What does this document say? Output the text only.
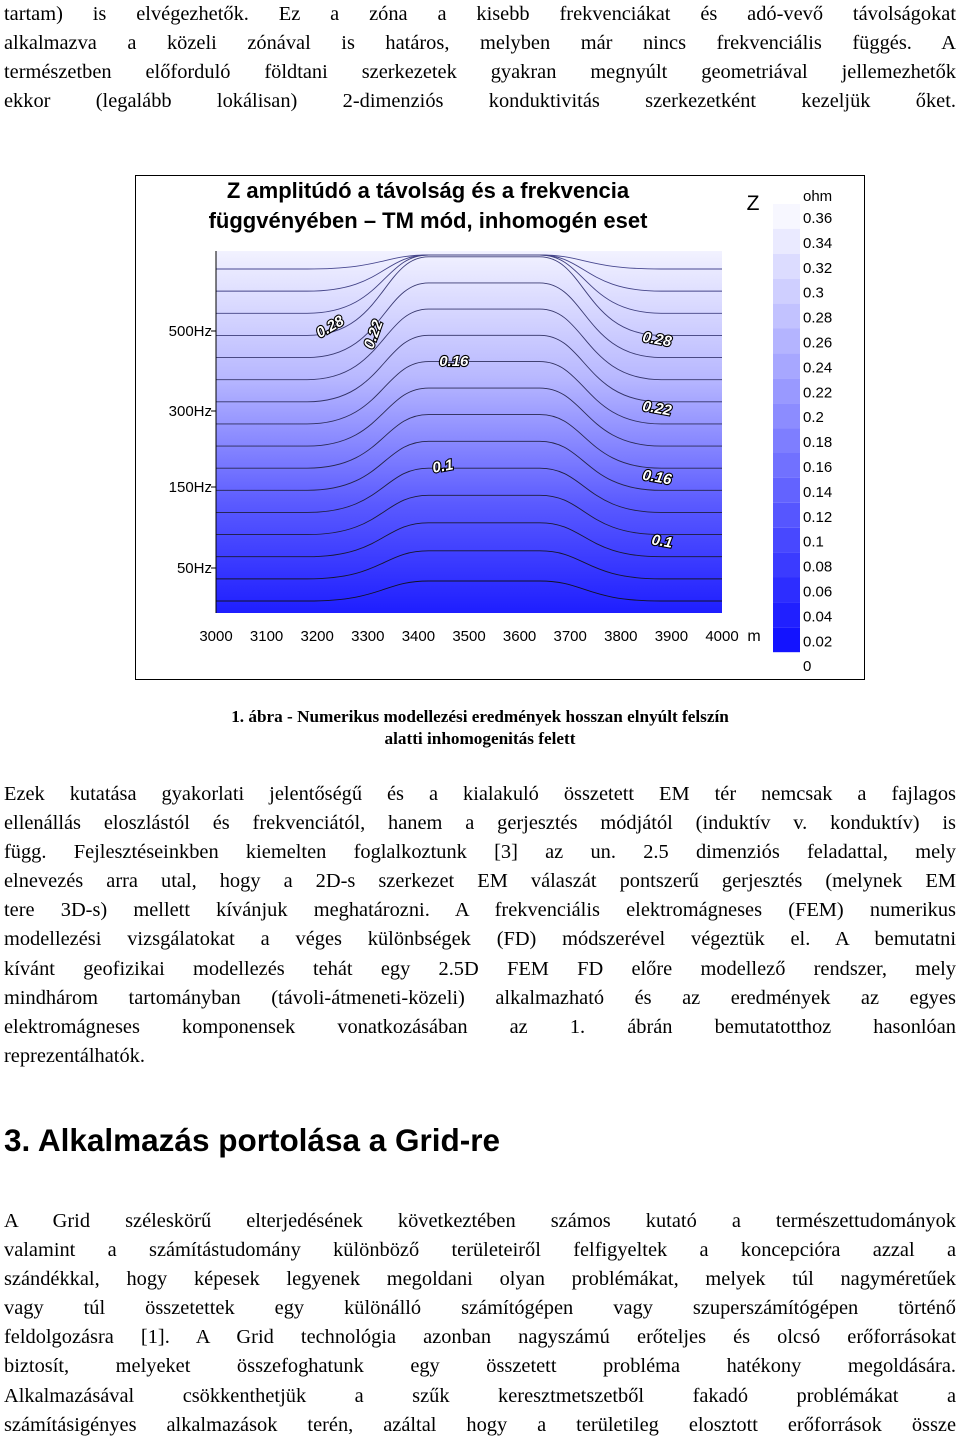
tartam) is elvégezhetők. Ez a zóna a kisebb frekvenciákat és adó-vevő távolságokat
alkalmazva a közeli zónával is határos, melyben már nincs frekvenciális függés. A
természetben előforduló földtani szerkezetek gyakran megnyúlt geometriával jellemezhetők
ekkor (legalább lokálisan) 2-dimenziós konduktivitás szerkezetként kezeljük őket.
0.28 0.22
0.16
0.28
0.22
0.1
0.16
0.1
3000 3100 3200 3300 3400 3500 3600 3700 3800 3900 4000 m
500Hz
300Hz
150Hz
50Hz
Z amplitúdó a távolság és a frekvencia
függvényében – TM mód, inhomogén eset
Z	ohm
0.36
0.34
0.32
0.3
0.28
0.26
0.24
0.22
0.2
0.18
0.16
0.14
0.12
0.1
0.08
0.06
0.04
0.02
0
1. ábra - Numerikus modellezési eredmények hosszan elnyúlt felszín
alatti inhomogenitás felett
Ezek kutatása gyakorlati jelentőségű és a kialakuló összetett EM tér nemcsak a fajlagos
ellenállás eloszlástól és frekvenciától, hanem a gerjesztés módjától (induktív v. konduktív) is
függ. Fejlesztéseinkben kiemelten foglalkoztunk [3] az un. 2.5 dimenziós feladattal, mely
elnevezés arra utal, hogy a 2D-s szerkezet EM válaszát pontszerű gerjesztés (melynek EM
tere 3D-s) mellett kívánjuk meghatározni. A frekvenciális elektromágneses (FEM) numerikus
modellezési vizsgálatokat a véges különbségek (FD) módszerével végeztük el. A bemutatni
kívánt geofizikai modellezés tehát egy 2.5D FEM FD előre modellező rendszer, mely
mindhárom tartományban (távoli-átmeneti-közeli) alkalmazható és az eredmények az egyes
elektromágneses komponensek vonatkozásában az 1. ábrán bemutatotthoz hasonlóan
reprezentálhatók.
3. Alkalmazás portolása a Grid-re
A Grid széleskörű elterjedésének következtében számos kutató a természettudományok
valamint a számítástudomány különböző területeiről felfigyeltek a koncepcióra azzal a
szándékkal, hogy képesek legyenek megoldani olyan problémákat, melyek túl nagyméretűek
vagy túl összetettek egy különálló számítógépen vagy szuperszámítógépen történő
feldolgozásra [1]. A Grid technológia azonban nagyszámú erőteljes és olcsó erőforrásokat
biztosít, melyeket összefoghatunk egy összetett probléma hatékony megoldására.
Alkalmazásával csökkenthetjük a szűk keresztmetszetből fakadó problémákat a
számításigényes alkalmazások terén, azáltal hogy a területileg elosztott erőforrások össze
